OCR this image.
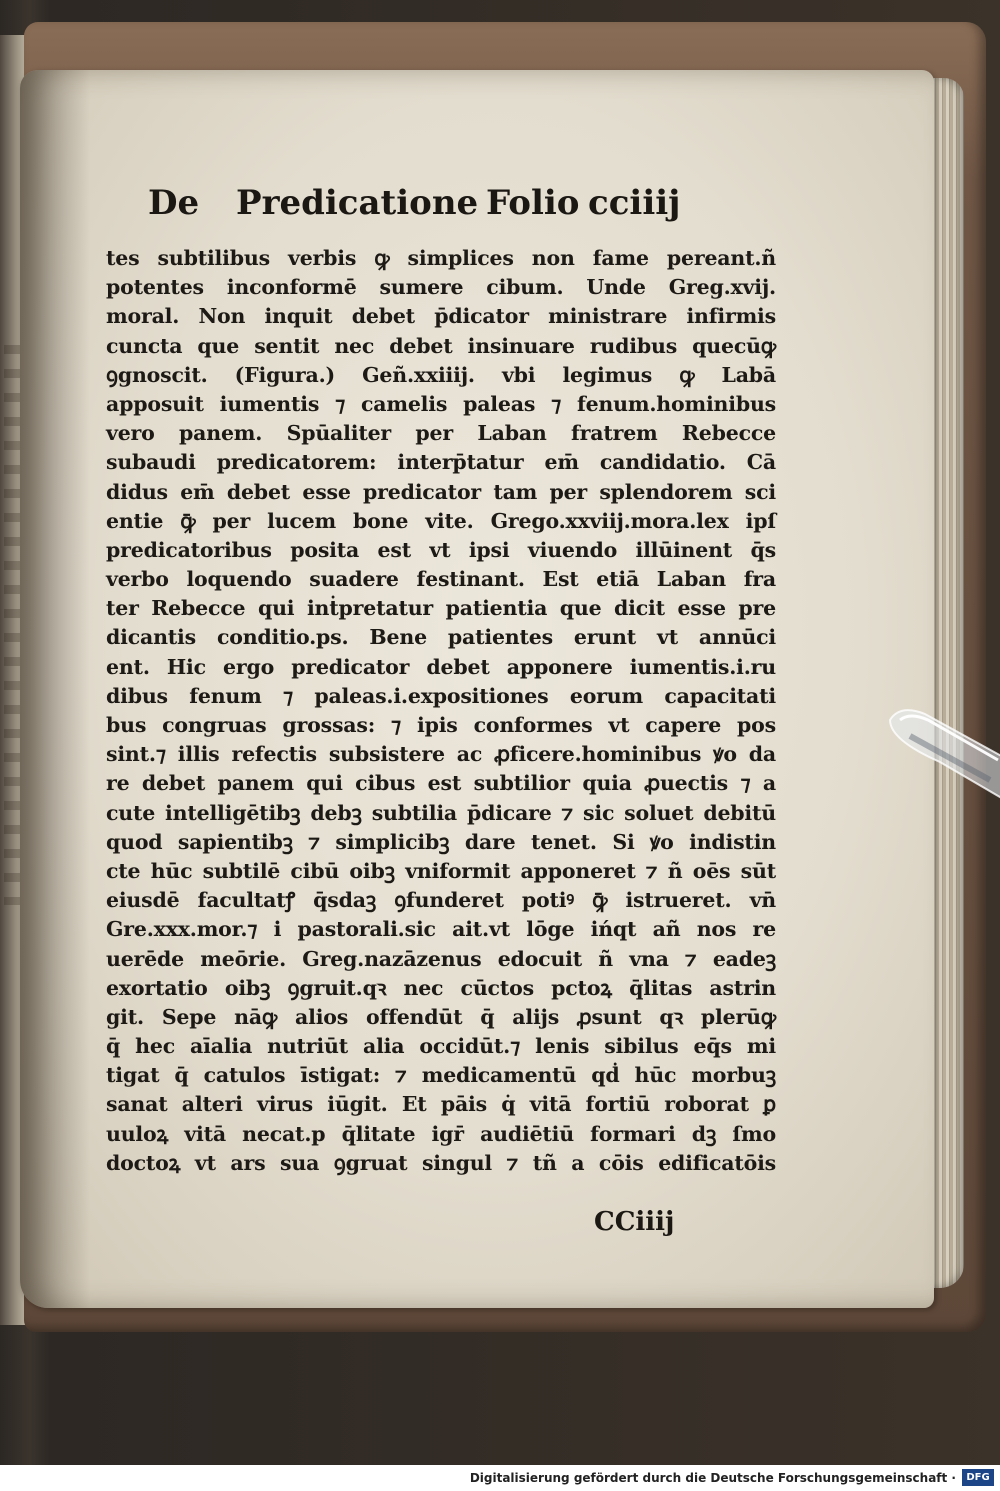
De Predicatione Folio cciiij
tes subtilibus verbis ꝙ simplices non fame pereant.ñ
potentes inconformē sumere cibum. Unde Greg.xvij.
moral. Non inquit debet p̄dicator ministrare infirmis
cuncta que sentit nec debet insinuare rudibus quecūꝙ
ꝯgnoscit. (Figura.) Geñ.xxiiij. vbi legimus ꝙ Labā
apposuit iumentis ⁊ camelis paleas ⁊ fenum.hominibus
vero panem. Spūaliter per Laban fratrem Rebecce
subaudi predicatorem: interp̄tatur em̄ candidatio. Cā
didus em̄ debet esse predicator tam per splendorem sci
entie ꝙ̄ per lucem bone vite. Grego.xxviij.mora.lex ipſ
predicatoribus posita est vt ipsi viuendo illūinent q̄s
verbo loquendo suadere festinant. Est etiā Laban fra
ter Rebecce qui inṫpretatur patientia que dicit esse pre
dicantis conditio.ps. Bene patientes erunt vt annūci
ent. Hic ergo predicator debet apponere iumentis.i.ru
dibus fenum ⁊ paleas.i.expositiones eorum capacitati
bus congruas grossas: ⁊ ipis conformes vt capere pos
sint.⁊ illis refectis subsistere ac ꝓficere.hominibus ꝟo da
re debet panem qui cibus est subtilior quia ꝓuectis ⁊ a
cute intelligētibꝫ debꝫ subtilia p̄dicare ⁊ sic soluet debitū
quod sapientibꝫ ⁊ simplicibꝫ dare tenet. Si ꝟo indistin
cte hūc subtilē cibū oibꝫ vniformit apponeret ⁊ ñ oēs sūt
eiusdē facultatꝭ q̄sdaꝫ ꝯfunderet potiꝰ ꝙ̄ istrueret. vn̄
Gre.xxx.mor.⁊ i pastorali.sic ait.vt lōge ińqt añ nos re
uerēde meōrie. Greg.nazāzenus edocuit ñ vna ⁊ eadeꝫ
exortatio oibꝫ ꝯgruit.qꝛ nec cūctos pctoꝝ q̄litas astrin
git. Sepe nāꝙ alios offendūt q̄ alijs ꝓsunt qꝛ plerūꝙ
q̄ hec aīalia nutriūt alia occidūt.⁊ lenis sibilus eq̄s mi
tigat q̄ catulos īstigat: ⁊ medicamentū qḋ hūc morbuꝫ
sanat alteri virus iūgit. Et pāis q̇ vitā fortiū roborat ꝑ
uuloꝝ vitā necat.p q̄litate igr̄ audiētiū formari dꝫ ſmo
doctoꝝ vt ars sua ꝯgruat singul ⁊ tñ a cōis edificatōis
CCiiij
Digitalisierung gefördert durch die Deutsche Forschungsgemeinschaft ·	DFG
